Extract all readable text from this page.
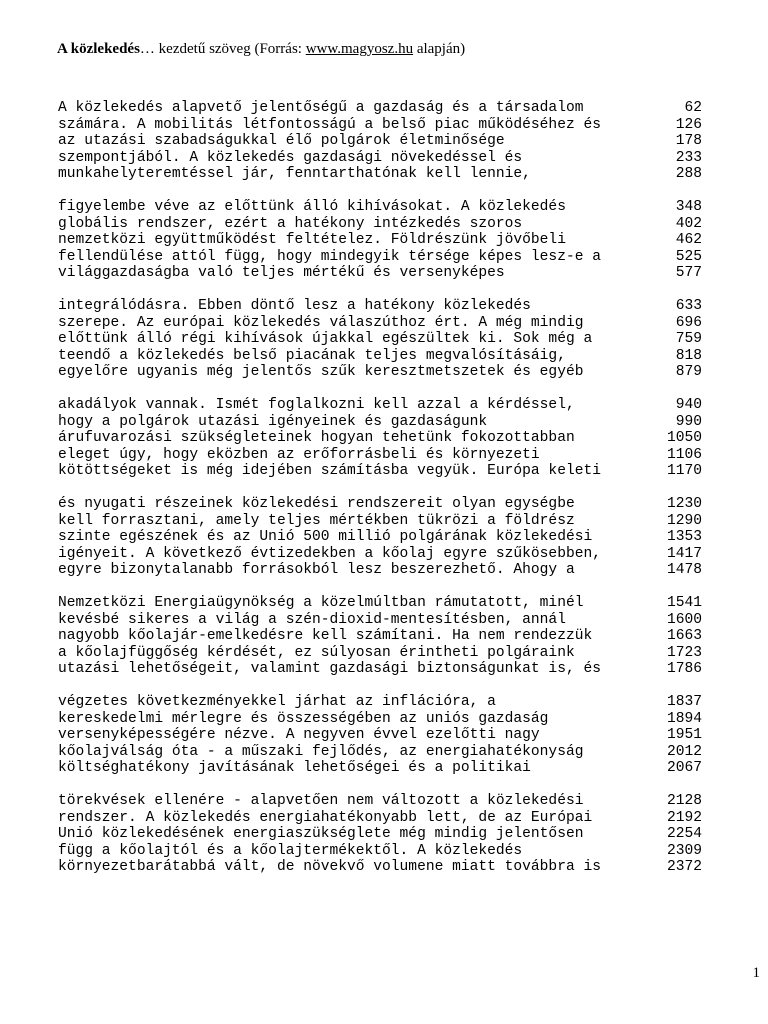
A közlekedés… kezdetű szöveg (Forrás: www.magyosz.hu alapján)
A közlekedés alapvető jelentőségű a gazdaság és a társadalom	62
számára. A mobilitás létfontosságú a belső piac működéséhez és	126
az utazási szabadságukkal élő polgárok életminősége	178
szempontjából. A közlekedés gazdasági növekedéssel és	233
munkahelyteremtéssel jár, fenntarthatónak kell lennie,	288
figyelembe véve az előttünk álló kihívásokat. A közlekedés	348
globális rendszer, ezért a hatékony intézkedés szoros	402
nemzetközi együttműködést feltételez. Földrészünk jövőbeli	462
fellendülése attól függ, hogy mindegyik térsége képes lesz-e a	525
világgazdaságba való teljes mértékű és versenyképes	577
integrálódásra. Ebben döntő lesz a hatékony közlekedés	633
szerepe. Az európai közlekedés válaszúthoz ért. A még mindig	696
előttünk álló régi kihívások újakkal egészültek ki. Sok még a	759
teendő a közlekedés belső piacának teljes megvalósításáig,	818
egyelőre ugyanis még jelentős szűk keresztmetszetek és egyéb	879
akadályok vannak. Ismét foglalkozni kell azzal a kérdéssel,	940
hogy a polgárok utazási igényeinek és gazdaságunk	990
árufuvarozási szükségleteinek hogyan tehetünk fokozottabban	1050
eleget úgy, hogy eközben az erőforrásbeli és környezeti	1106
kötöttségeket is még idejében számításba vegyük. Európa keleti	1170
és nyugati részeinek közlekedési rendszereit olyan egységbe	1230
kell forrasztani, amely teljes mértékben tükrözi a földrész	1290
szinte egészének és az Unió 500 millió polgárának közlekedési	1353
igényeit. A következő évtizedekben a kőolaj egyre szűkösebben,	1417
egyre bizonytalanabb forrásokból lesz beszerezhető. Ahogy a	1478
Nemzetközi Energiaügynökség a közelmúltban rámutatott, minél	1541
kevésbé sikeres a világ a szén-dioxid-mentesítésben, annál	1600
nagyobb kőolajár-emelkedésre kell számítani. Ha nem rendezzük	1663
a kőolajfüggőség kérdését, ez súlyosan érintheti polgáraink	1723
utazási lehetőségeit, valamint gazdasági biztonságunkat is, és	1786
végzetes következményekkel járhat az inflációra, a	1837
kereskedelmi mérlegre és összességében az uniós gazdaság	1894
versenyképességére nézve. A negyven évvel ezelőtti nagy	1951
kőolajválság óta - a műszaki fejlődés, az energiahatékonyság	2012
költséghatékony javításának lehetőségei és a politikai	2067
törekvések ellenére - alapvetően nem változott a közlekedési	2128
rendszer. A közlekedés energiahatékonyabb lett, de az Európai	2192
Unió közlekedésének energiaszükséglete még mindig jelentősen	2254
függ a kőolajtól és a kőolajtermékektől. A közlekedés	2309
környezetbarátabbá vált, de növekvő volumene miatt továbbra is	2372
1
